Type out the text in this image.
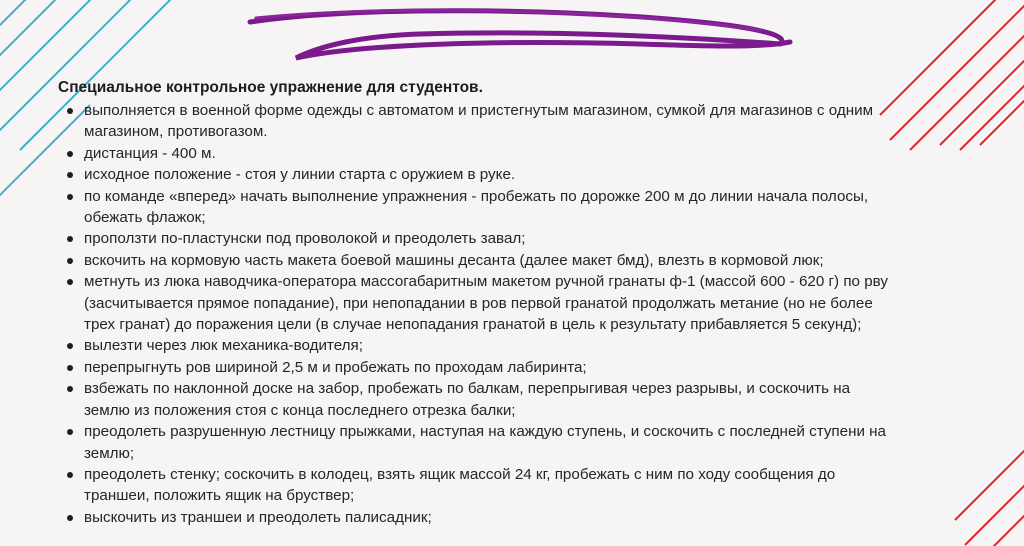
Специальное контрольное упражнение для студентов.

выполняется в военной форме одежды с автоматом и пристегнутым магазином, сумкой для магазинов с одним магазином, противогазом.
дистанция - 400 м.
исходное положение - стоя у линии старта с оружием в руке.
по команде «вперед» начать выполнение упражнения - пробежать по дорожке 200 м до линии начала полосы, обежать флажок;
проползти по-пластунски под проволокой и преодолеть завал;
вскочить на кормовую часть макета боевой машины десанта (далее макет бмд), влезть в кормовой люк;
метнуть из люка наводчика-оператора массогабаритным макетом ручной гранаты ф-1 (массой 600 - 620 г) по рву (засчитывается прямое попадание), при непопадании в ров первой гранатой продолжать метание (но не более трех гранат) до поражения цели (в случае непопадания гранатой в цель к результату прибавляется 5 секунд);
вылезти через люк механика-водителя;
перепрыгнуть ров шириной 2,5 м и пробежать по проходам лабиринта;
взбежать по наклонной доске на забор, пробежать по балкам, перепрыгивая через разрывы, и соскочить на землю из положения стоя с конца последнего отрезка балки;
преодолеть разрушенную лестницу прыжками, наступая на каждую ступень, и соскочить с последней ступени на землю;
преодолеть стенку; соскочить в колодец, взять ящик массой 24 кг, пробежать с ним по ходу сообщения до траншеи, положить ящик на бруствер;
выскочить из траншеи и преодолеть палисадник;
